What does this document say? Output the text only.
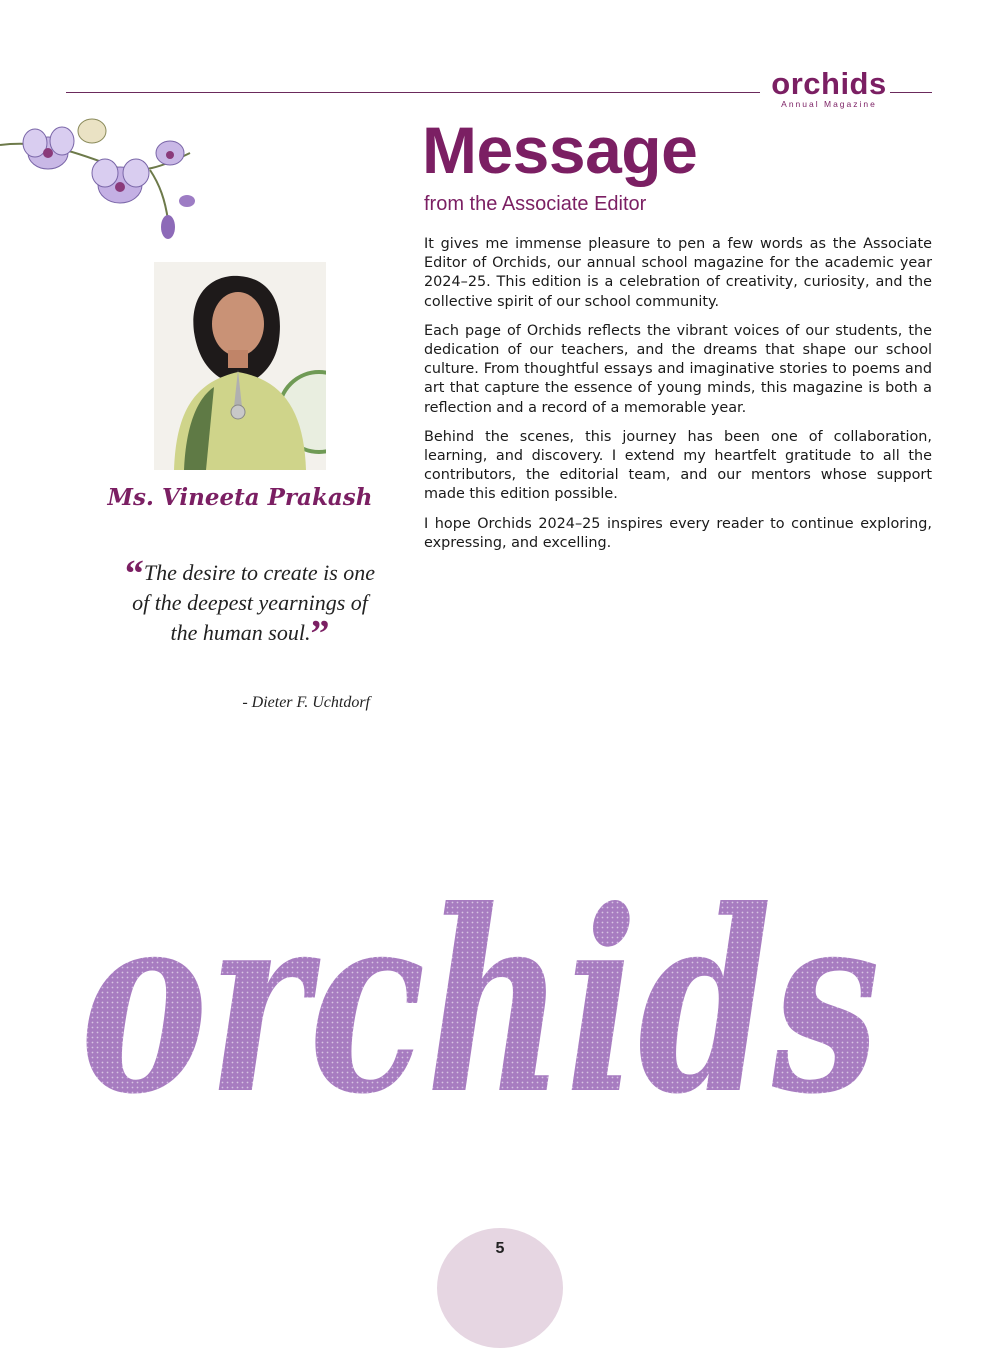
orchids
Annual Magazine
Ms. Vineeta Prakash
“The desire to create is one of the deepest yearnings of the human soul.”
- Dieter F. Uchtdorf
Message
from the Associate Editor

It gives me immense pleasure to pen a few words as the Associate Editor of Orchids, our annual school magazine for the academic year 2024–25. This edition is a celebration of creativity, curiosity, and the collective spirit of our school community.

Each page of Orchids reflects the vibrant voices of our students, the dedication of our teachers, and the dreams that shape our school culture. From thoughtful essays and imaginative stories to poems and art that capture the essence of young minds, this magazine is both a reflection and a record of a memorable year.

Behind the scenes, this journey has been one of collaboration, learning, and discovery. I extend my heartfelt gratitude to all the contributors, the editorial team, and our mentors whose support made this edition possible.

I hope Orchids 2024–25 inspires every reader to continue exploring, expressing, and excelling.

orchids
5
